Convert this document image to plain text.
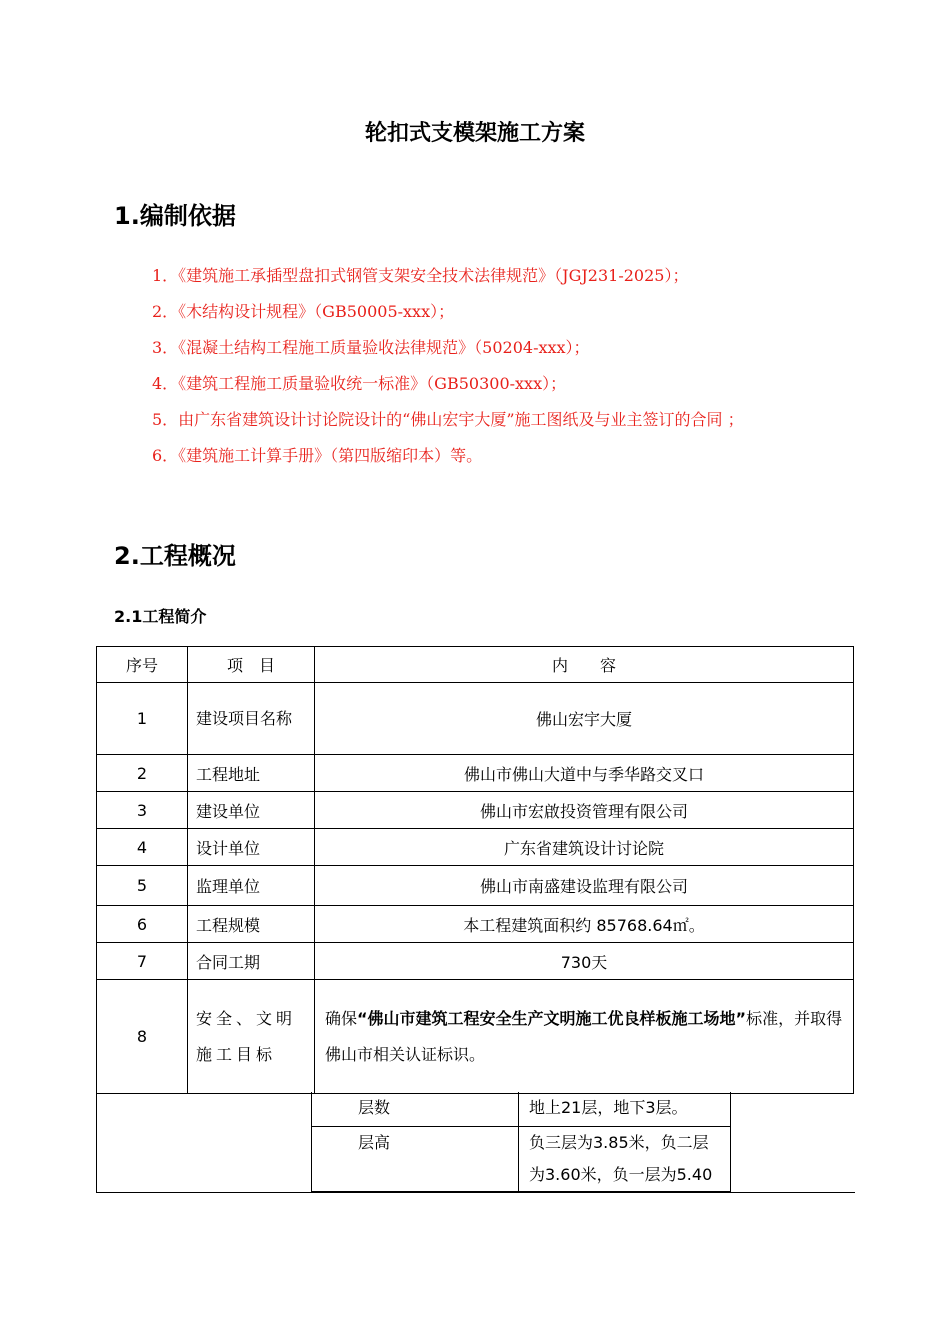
轮扣式支模架施工方案
1.编制依据

1．《建筑施工承插型盘扣式钢管支架安全技术法律规范》（JGJ231-2025）；

2．《木结构设计规程》（GB50005-xxx）；

3．《混凝土结构工程施工质量验收法律规范》（50204-xxx）；

4．《建筑工程施工质量验收统一标准》（GB50300-xxx）；

5．由广东省建筑设计讨论院设计的“佛山宏宇大厦”施工图纸及与业主签订的合同 ；

6．《建筑施工计算手册》（第四版缩印本）等。

2.工程概况
2.1工程简介
序号	项　目	内　　容
1	建设项目名称	佛山宏宇大厦
2	工程地址	佛山市佛山大道中与季华路交叉口
3	建设单位	佛山市宏啟投资管理有限公司
4	设计单位	广东省建筑设计讨论院
5	监理单位	佛山市南盛建设监理有限公司
6	工程规模	本工程建筑面积约 85768.64㎡。
7	合同工期	730天
8	安全、文明施工目标	确保“佛山市建筑工程安全生产文明施工优良样板施工场地”标准，并取得佛山市相关认证标识。
层数	地上21层，地下3层。
层高	负三层为3.85米，负二层为3.60米，负一层为5.40
